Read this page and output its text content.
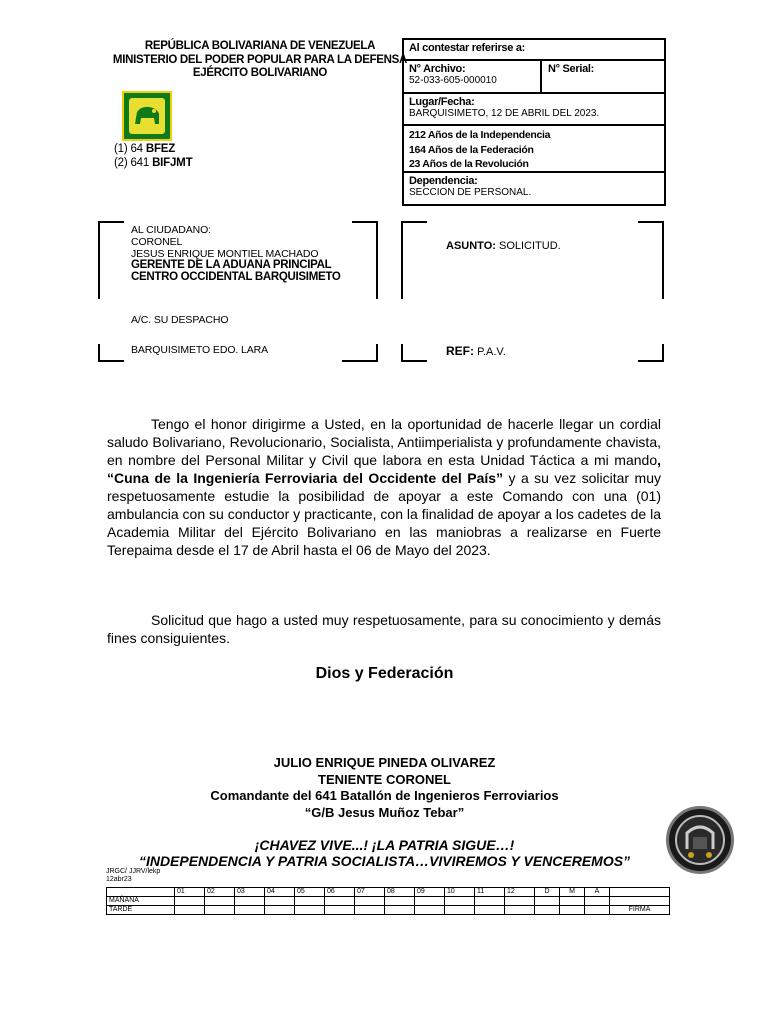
REPÚBLICA BOLIVARIANA DE VENEZUELA
MINISTERIO DEL PODER POPULAR PARA LA DEFENSA
EJÉRCITO BOLIVARIANO
(1) 64 BFEZ
(2) 641 BIFJMT
Al contestar referirse a:
N° Archivo:
52-033-605-000010
N° Serial:
Lugar/Fecha:
BARQUISIMETO, 12 DE ABRIL DEL 2023.
212 Años de la Independencia
164 Años de la Federación
23 Años de la Revolución
Dependencia:
SECCION DE PERSONAL.
AL CIUDADANO:
CORONEL
JESUS ENRIQUE MONTIEL MACHADO
GERENTE DE LA ADUANA PRINCIPAL
CENTRO OCCIDENTAL BARQUISIMETO
A/C. SU DESPACHO
BARQUISIMETO EDO. LARA
ASUNTO: SOLICITUD.
REF: P.A.V.

Tengo el honor dirigirme a Usted, en la oportunidad de hacerle llegar un cordial saludo Bolivariano, Revolucionario, Socialista, Antiimperialista y profundamente chavista, en nombre del Personal Militar y Civil que labora en esta Unidad Táctica a mi mando, “Cuna de la Ingeniería Ferroviaria del Occidente del País” y a su vez solicitar muy respetuosamente estudie la posibilidad de apoyar a este Comando con una (01) ambulancia con su conductor y practicante, con la finalidad de apoyar a los cadetes de la Academia Militar del Ejército Bolivariano en las maniobras a realizarse en Fuerte Terepaima desde el 17 de Abril hasta el 06 de Mayo del 2023.

Solicitud que hago a usted muy respetuosamente, para su conocimiento y demás fines consiguientes.

Dios y Federación
JULIO ENRIQUE PINEDA OLIVAREZ
TENIENTE CORONEL
Comandante del 641 Batallón de Ingenieros Ferroviarios
“G/B Jesus Muñoz Tebar”
¡CHAVEZ VIVE...! ¡LA PATRIA SIGUE…!
“INDEPENDENCIA Y PATRIA SOCIALISTA…VIVIREMOS Y VENCEREMOS”
JRGC/ JJRV/lekp
12abr23
	01	02	03	04	05	06	07	08	09	10	11	12	D	M	A	
MAÑANA																
TARDE																FIRMA
